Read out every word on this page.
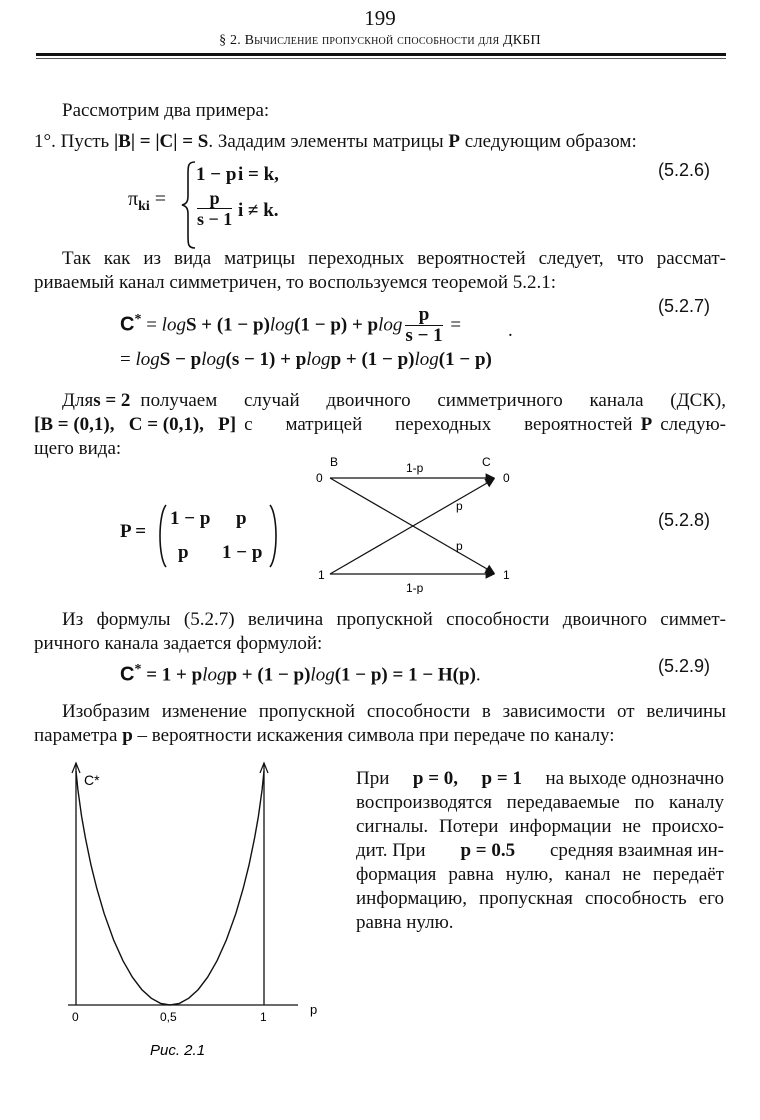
199
§ 2. Вычисление пропускной способности для ДКБП
Рассмотрим два примера:
1°. Пусть |B| = |C| = S. Зададим элементы матрицы P следующим образом:
$\pi_{ki}$ =
1 − p i = k,
$\frac{p}{s - 1}$ i ≠ k.
(5.2.6)
Так как из вида матрицы переходных вероятностей следует, что рассмат-
риваемый канал симметричен, то воспользуемся теоремой 5.2.1:
C* = logS + (1 − p)log(1 − p) + plog $\frac{p}{s - 1}$ = .
(5.2.7)
= logS − plog(s − 1) + plogp + (1 − p)log(1 − p)
Для s = 2 получаем случай двоичного симметричного канала (ДСК),
[B = (0,1),   C = (0,1),   P] с матрицей переходных вероятностей P следую-
щего вида:
P =
1 − p p
p 1 − p
(5.2.8)
B	C
0
1
0
1
1-p
1-p
p
p
Из формулы (5.2.7) величина пропускной способности двоичного симмет-
ричного канала задается формулой:
C* = 1 + plogp + (1 − p)log(1 − p) = 1 − H(p).	(5.2.9)
Изобразим изменение пропускной способности в зависимости от величины
параметра p – вероятности искажения символа при передаче по каналу:
При p = 0, p = 1 на выходе однозначно
воспроизводятся передаваемые по каналу
сигналы. Потери информации не происхо-
дит. При p = 0.5 средняя взаимная ин-
формация равна нулю, канал не передаёт
информацию, пропускная способность его
равна нулю.
C*
p
0	0,5	1
Рис. 2.1
